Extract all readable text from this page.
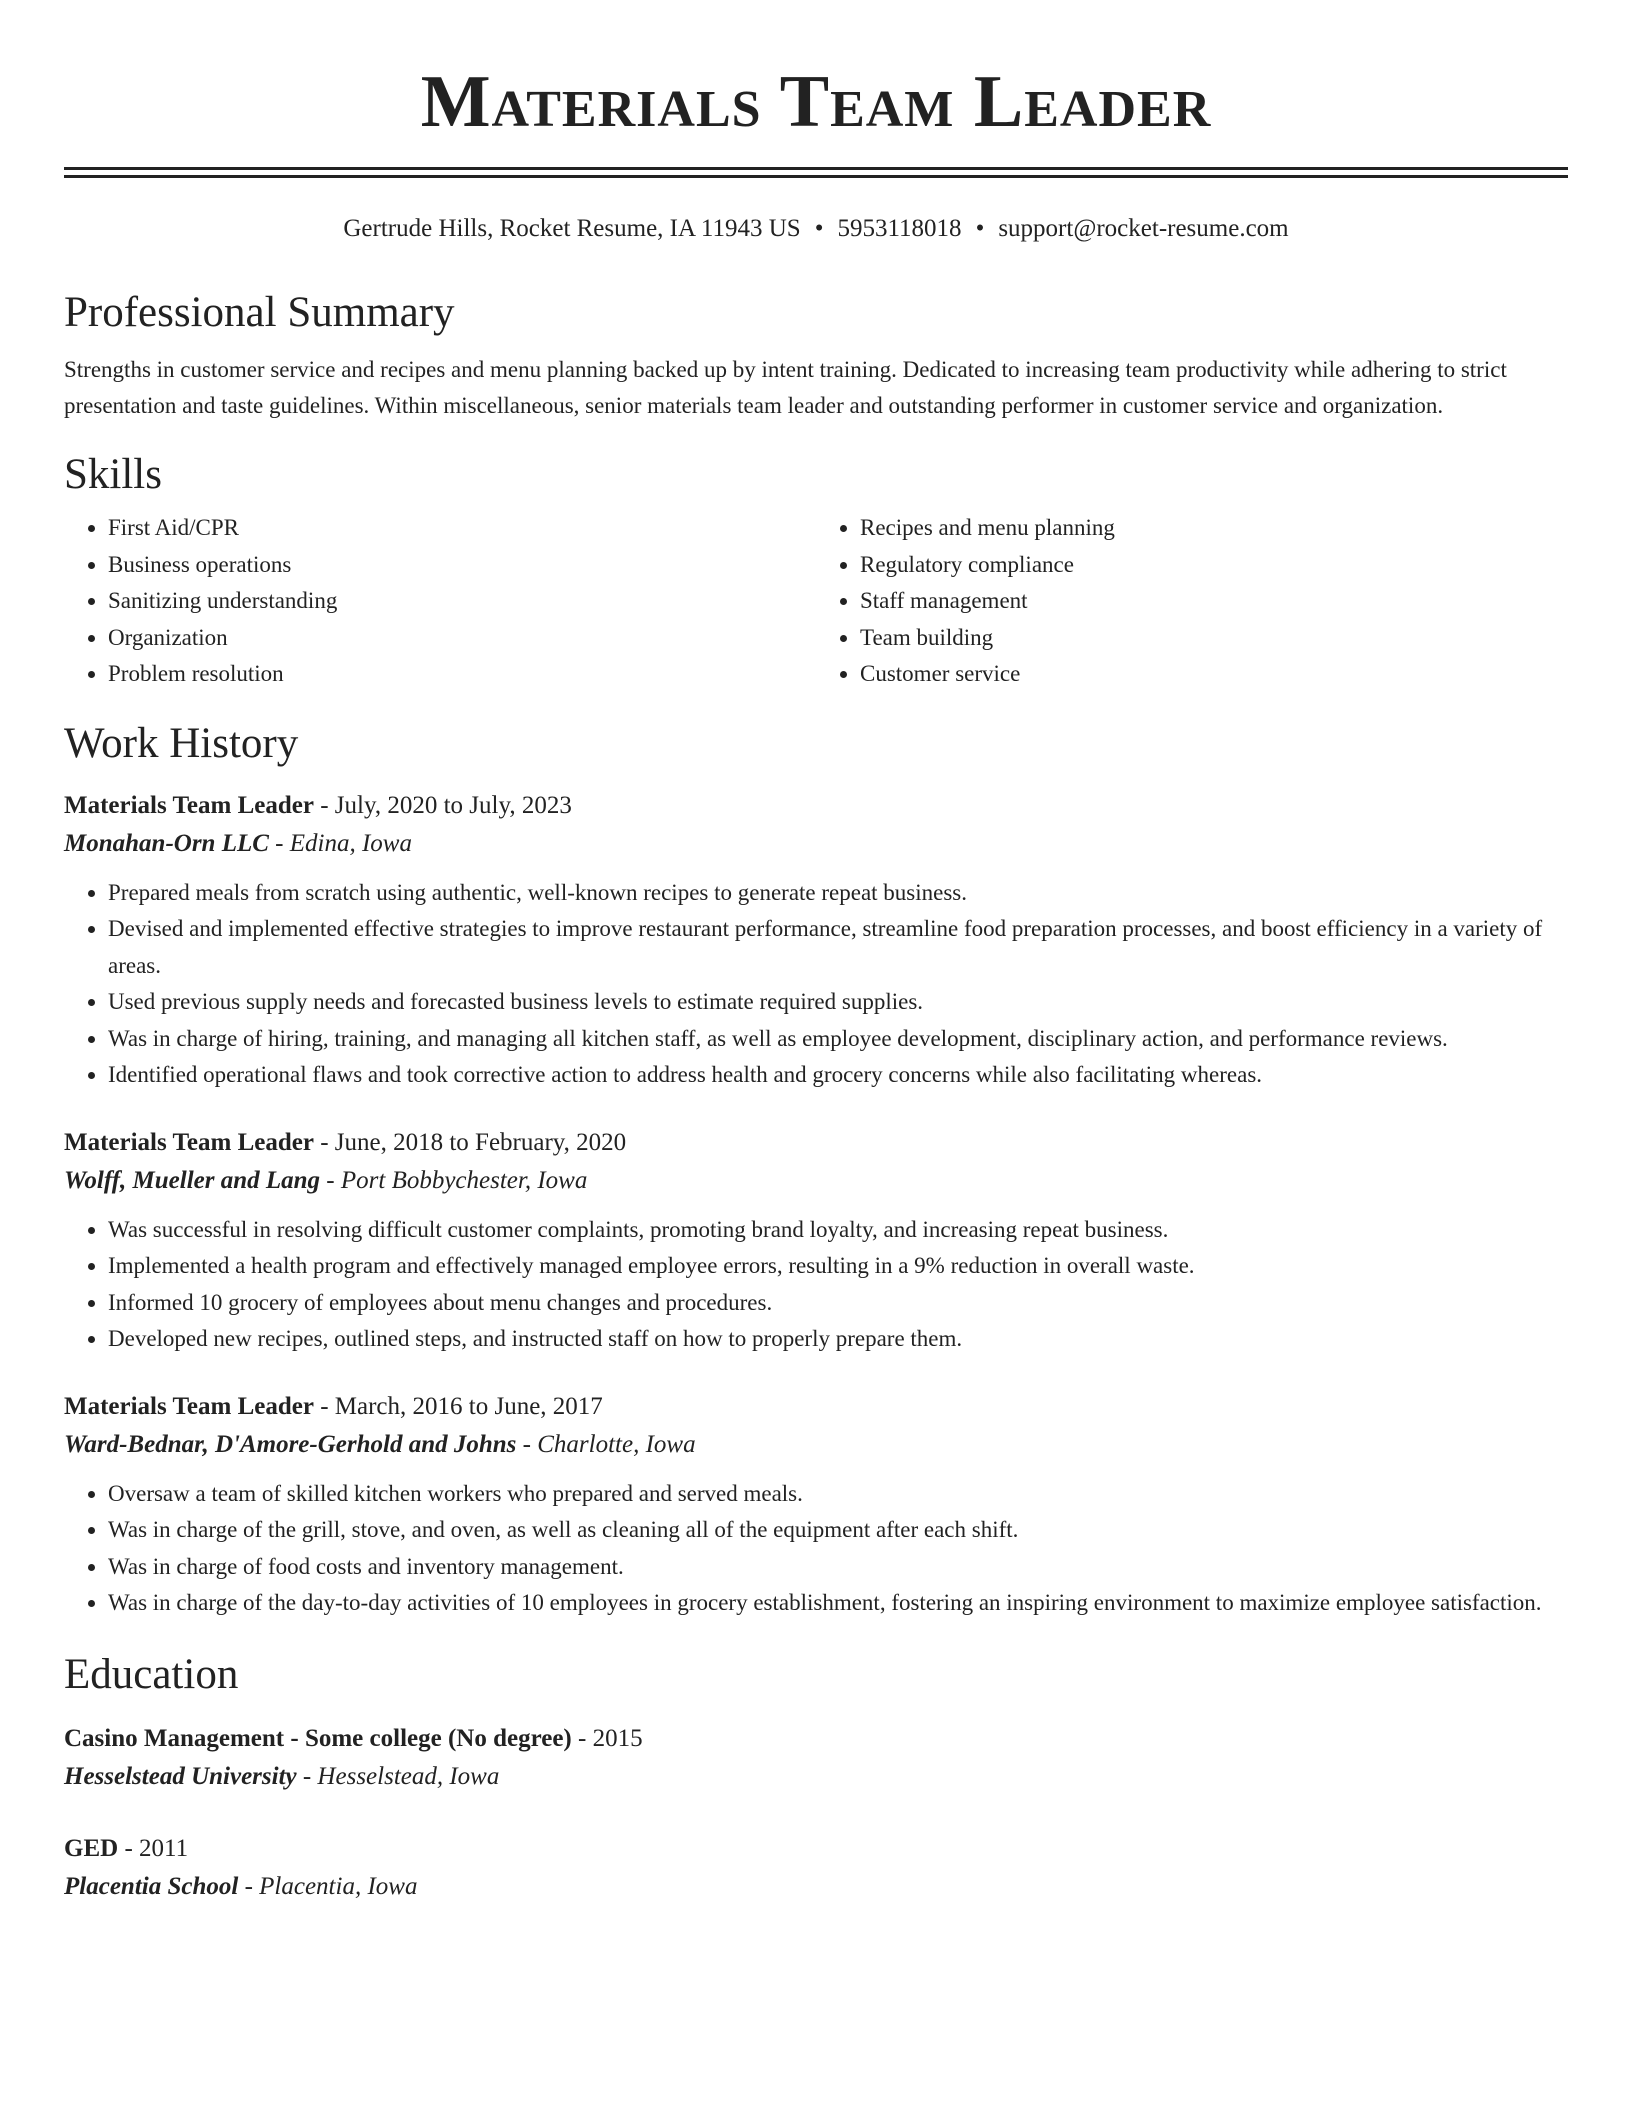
Materials Team Leader
Gertrude Hills, Rocket Resume, IA 11943 US • 5953118018 • support@rocket-resume.com
Professional Summary

Strengths in customer service and recipes and menu planning backed up by intent training. Dedicated to increasing team productivity while adhering to strict presentation and taste guidelines. Within miscellaneous, senior materials team leader and outstanding performer in customer service and organization.

Skills
• First Aid/CPR
• Business operations
• Sanitizing understanding
• Organization
• Problem resolution
• Recipes and menu planning
• Regulatory compliance
• Staff management
• Team building
• Customer service
Work History
Materials Team Leader - July, 2020 to July, 2023
Monahan-Orn LLC - Edina, Iowa
• Prepared meals from scratch using authentic, well-known recipes to generate repeat business.
• Devised and implemented effective strategies to improve restaurant performance, streamline food preparation processes, and boost efficiency in a variety of areas.
• Used previous supply needs and forecasted business levels to estimate required supplies.
• Was in charge of hiring, training, and managing all kitchen staff, as well as employee development, disciplinary action, and performance reviews.
• Identified operational flaws and took corrective action to address health and grocery concerns while also facilitating whereas.
Materials Team Leader - June, 2018 to February, 2020
Wolff, Mueller and Lang - Port Bobbychester, Iowa
• Was successful in resolving difficult customer complaints, promoting brand loyalty, and increasing repeat business.
• Implemented a health program and effectively managed employee errors, resulting in a 9% reduction in overall waste.
• Informed 10 grocery of employees about menu changes and procedures.
• Developed new recipes, outlined steps, and instructed staff on how to properly prepare them.
Materials Team Leader - March, 2016 to June, 2017
Ward-Bednar, D'Amore-Gerhold and Johns - Charlotte, Iowa
• Oversaw a team of skilled kitchen workers who prepared and served meals.
• Was in charge of the grill, stove, and oven, as well as cleaning all of the equipment after each shift.
• Was in charge of food costs and inventory management.
• Was in charge of the day-to-day activities of 10 employees in grocery establishment, fostering an inspiring environment to maximize employee satisfaction.
Education
Casino Management - Some college (No degree) - 2015
Hesselstead University - Hesselstead, Iowa
GED - 2011
Placentia School - Placentia, Iowa
